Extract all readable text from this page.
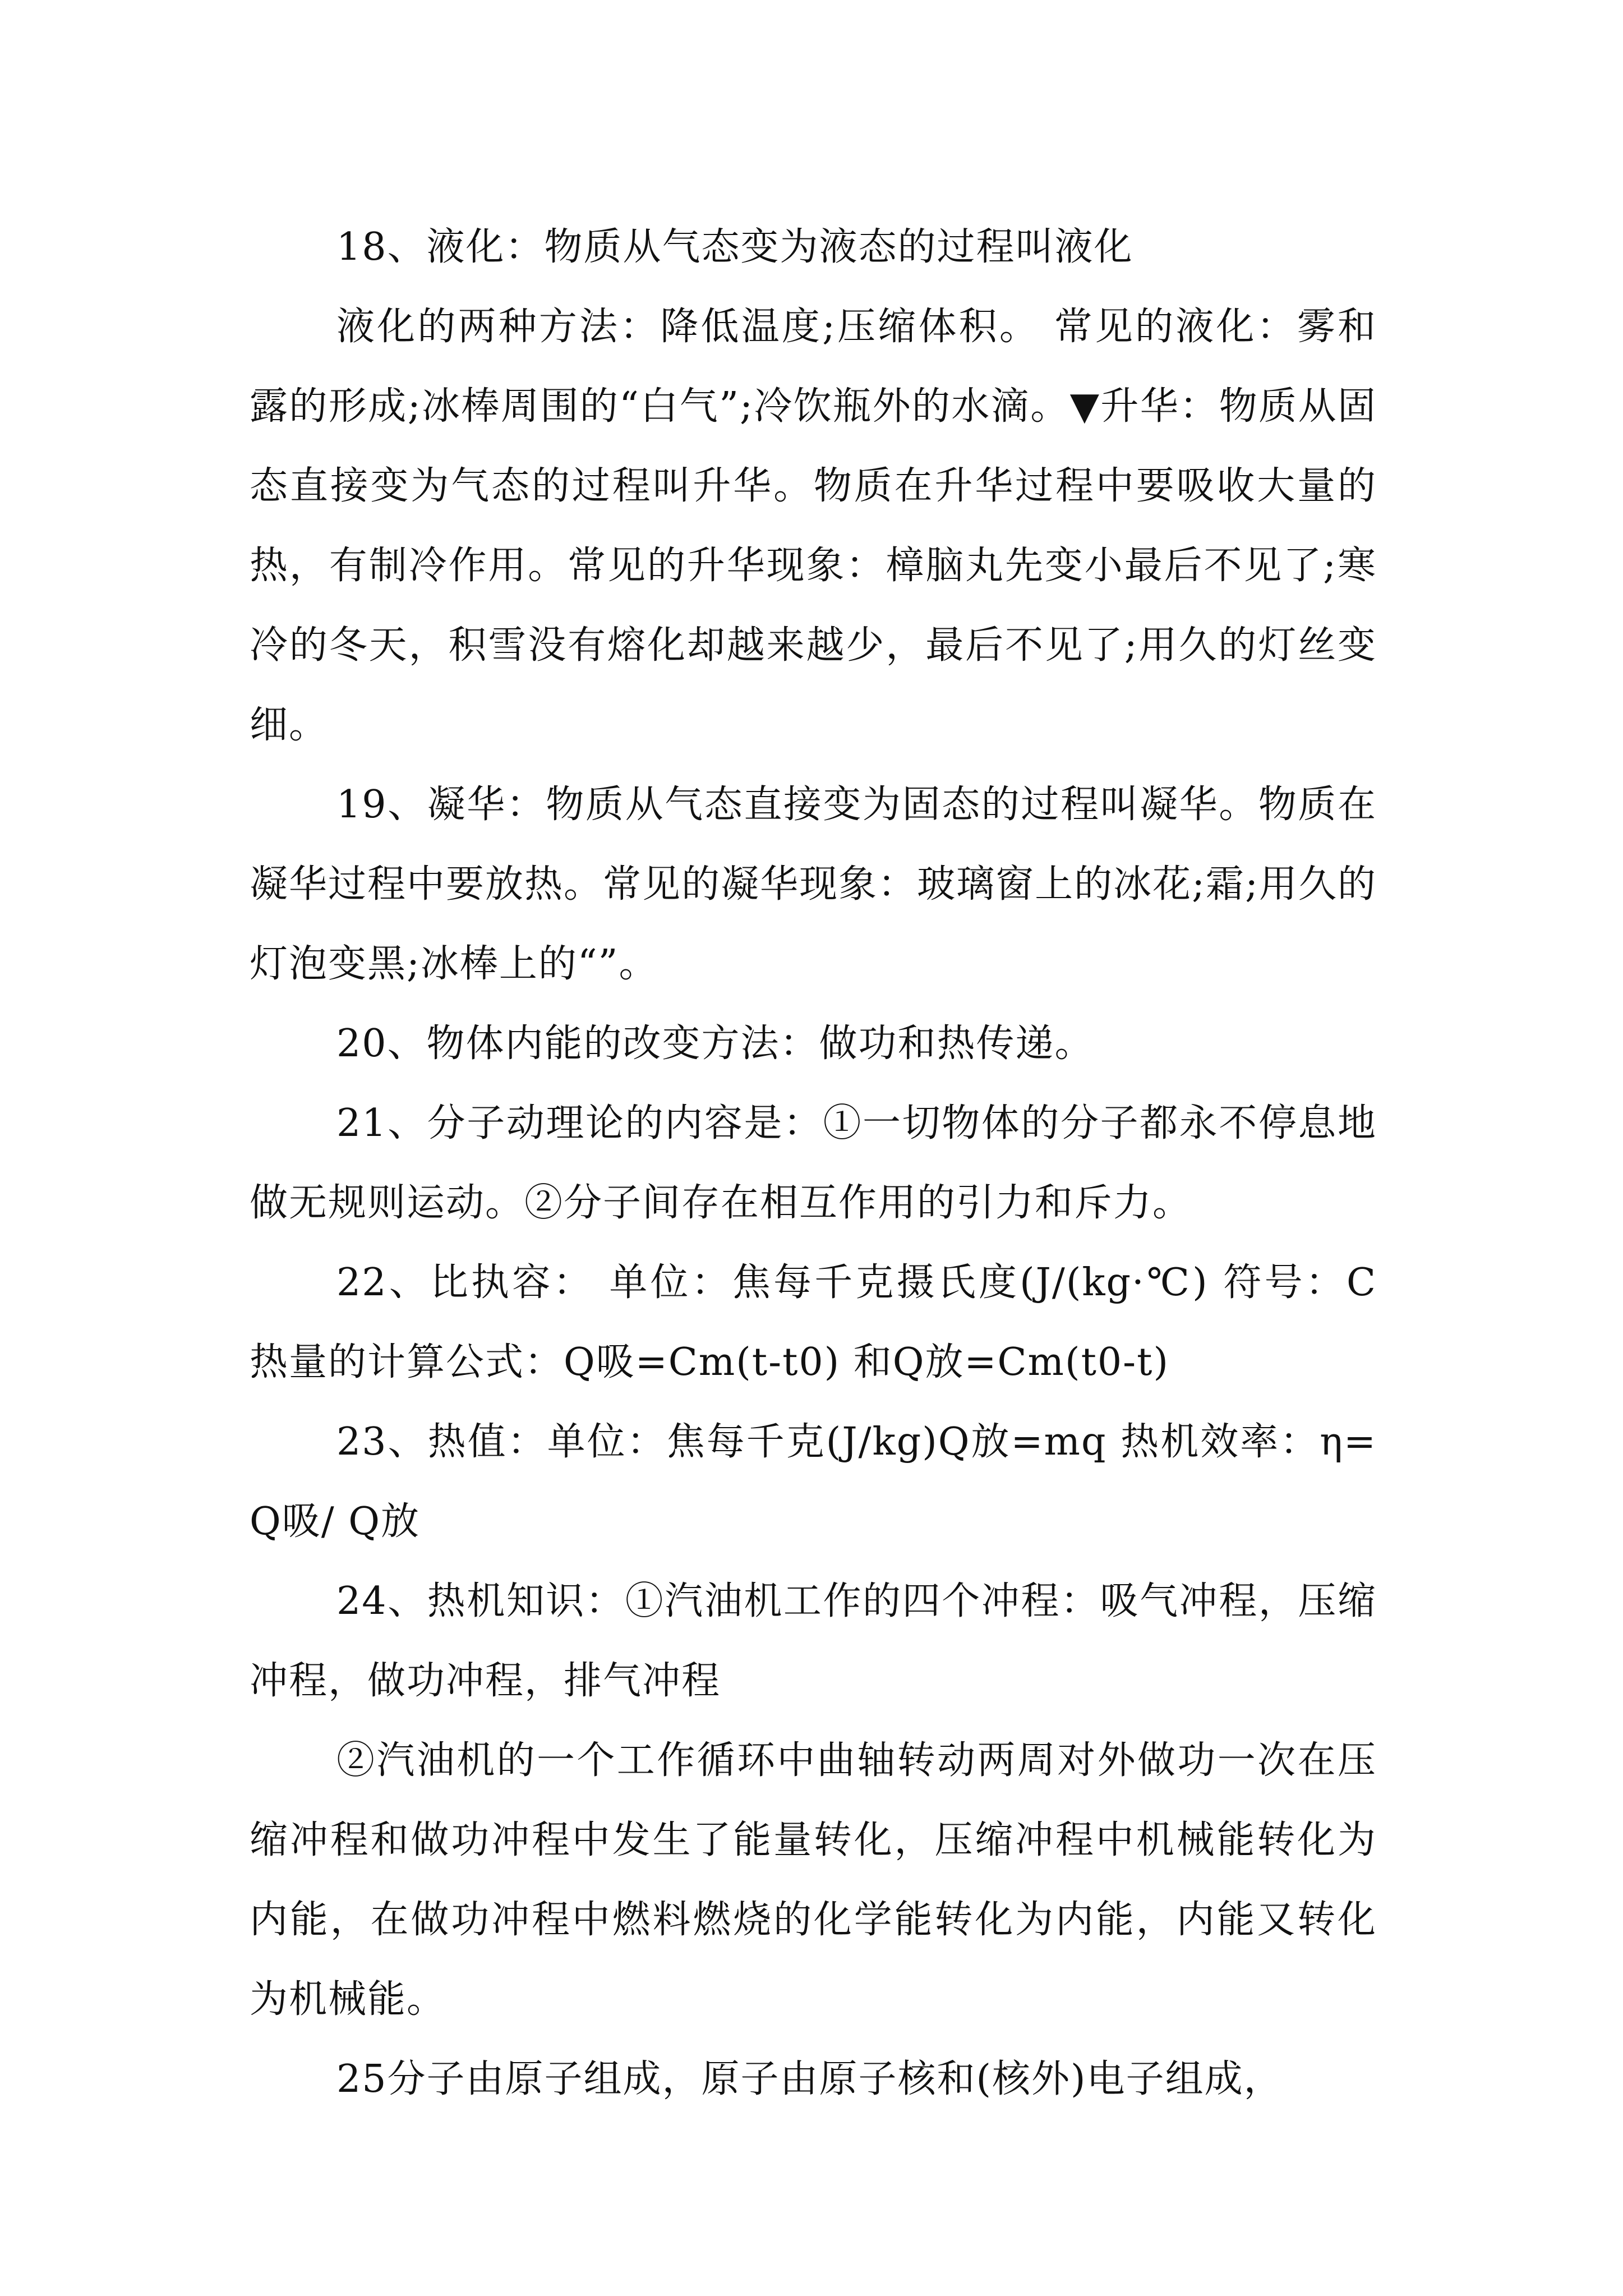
18、液化：物质从气态变为液态的过程叫液化

液化的两种方法：降低温度;压缩体积。 常见的液化：雾和露的形成;冰棒周围的“白气”;冷饮瓶外的水滴。▼升华：物质从固态直接变为气态的过程叫升华。物质在升华过程中要吸收大量的热，有制冷作用。常见的升华现象：樟脑丸先变小最后不见了;寒冷的冬天，积雪没有熔化却越来越少，最后不见了;用久的灯丝变细。

19、凝华：物质从气态直接变为固态的过程叫凝华。物质在凝华过程中要放热。常见的凝华现象：玻璃窗上的冰花;霜;用久的灯泡变黑;冰棒上的“”。

20、物体内能的改变方法：做功和热传递。

21、分子动理论的内容是：①一切物体的分子都永不停息地做无规则运动。②分子间存在相互作用的引力和斥力。

22、比执容： 单位：焦每千克摄氏度(J/(kg·℃) 符号：C 热量的计算公式：Q吸=Cm(t-t0) 和Q放=Cm(t0-t)

23、热值：单位：焦每千克(J/kg)Q放=mq 热机效率：η=Q吸/ Q放

24、热机知识：①汽油机工作的四个冲程：吸气冲程，压缩冲程，做功冲程，排气冲程

②汽油机的一个工作循环中曲轴转动两周对外做功一次在压缩冲程和做功冲程中发生了能量转化，压缩冲程中机械能转化为内能，在做功冲程中燃料燃烧的化学能转化为内能，内能又转化为机械能。

25分子由原子组成，原子由原子核和(核外)电子组成，
